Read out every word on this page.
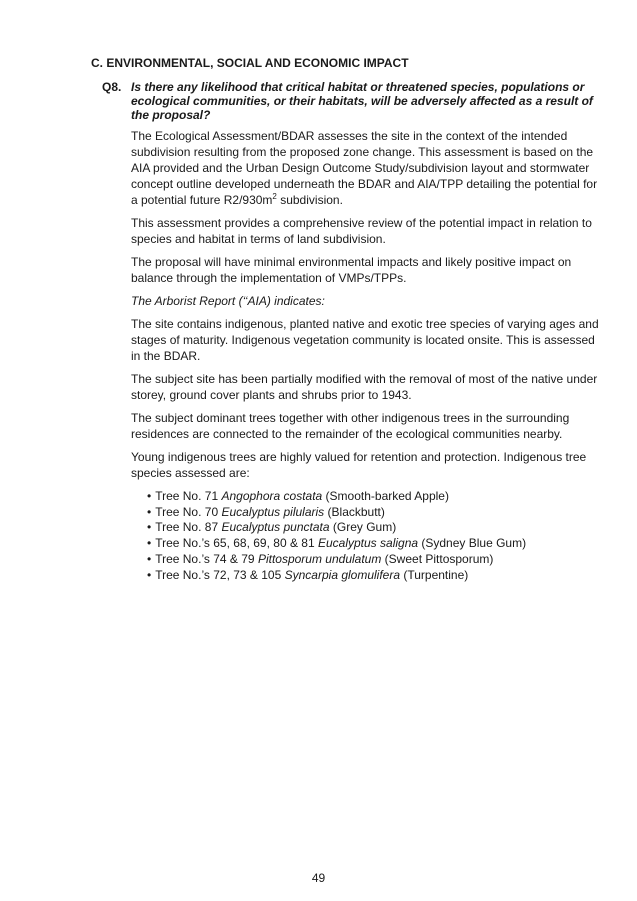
C. ENVIRONMENTAL, SOCIAL AND ECONOMIC IMPACT
Q8. Is there any likelihood that critical habitat or threatened species, populations or ecological communities, or their habitats, will be adversely affected as a result of the proposal?

The Ecological Assessment/BDAR assesses the site in the context of the intended subdivision resulting from the proposed zone change. This assessment is based on the AIA provided and the Urban Design Outcome Study/subdivision layout and stormwater concept outline developed underneath the BDAR and AIA/TPP detailing the potential for a potential future $R2/930m^2$ subdivision.

This assessment provides a comprehensive review of the potential impact in relation to species and habitat in terms of land subdivision.

The proposal will have minimal environmental impacts and likely positive impact on balance through the implementation of VMPs/TPPs.

The Arborist Report (‘‘AIA) indicates:

The site contains indigenous, planted native and exotic tree species of varying ages and stages of maturity. Indigenous vegetation community is located onsite. This is assessed in the BDAR.

The subject site has been partially modified with the removal of most of the native under storey, ground cover plants and shrubs prior to 1943.

The subject dominant trees together with other indigenous trees in the surrounding residences are connected to the remainder of the ecological communities nearby.

Young indigenous trees are highly valued for retention and protection. Indigenous tree species assessed are:

• Tree No. 71 Angophora costata (Smooth-barked Apple)
• Tree No. 70 Eucalyptus pilularis (Blackbutt)
• Tree No. 87 Eucalyptus punctata (Grey Gum)
• Tree No.’s 65, 68, 69, 80 & 81 Eucalyptus saligna (Sydney Blue Gum)
• Tree No.’s 74 & 79 Pittosporum undulatum (Sweet Pittosporum)
• Tree No.’s 72, 73 & 105 Syncarpia glomulifera (Turpentine)
49
